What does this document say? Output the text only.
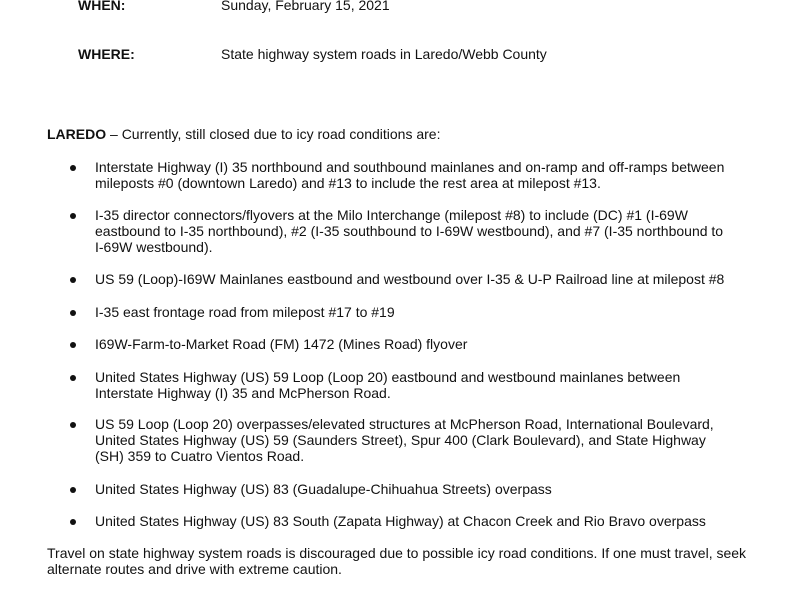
WHEN:	Sunday, February 15, 2021
WHERE:	State highway system roads in Laredo/Webb County
LAREDO – Currently, still closed due to icy road conditions are:
Interstate Highway (I) 35 northbound and southbound mainlanes and on-ramp and off-ramps between mileposts #0 (downtown Laredo) and #13 to include the rest area at milepost #13.
I-35 director connectors/flyovers at the Milo Interchange (milepost #8) to include (DC) #1 (I-69W eastbound to I-35 northbound), #2 (I-35 southbound to I-69W westbound), and #7 (I-35 northbound to I-69W westbound).
US 59 (Loop)-I69W Mainlanes eastbound and westbound over I-35 & U-P Railroad line at milepost #8
I-35 east frontage road from milepost #17 to #19
I69W-Farm-to-Market Road (FM) 1472 (Mines Road) flyover
United States Highway (US) 59 Loop (Loop 20) eastbound and westbound mainlanes between Interstate Highway (I) 35 and McPherson Road.
US 59 Loop (Loop 20) overpasses/elevated structures at McPherson Road, International Boulevard, United States Highway (US) 59 (Saunders Street), Spur 400 (Clark Boulevard), and State Highway (SH) 359 to Cuatro Vientos Road.
United States Highway (US) 83 (Guadalupe-Chihuahua Streets) overpass
United States Highway (US) 83 South (Zapata Highway) at Chacon Creek and Rio Bravo overpass
Travel on state highway system roads is discouraged due to possible icy road conditions. If one must travel, seek alternate routes and drive with extreme caution.
